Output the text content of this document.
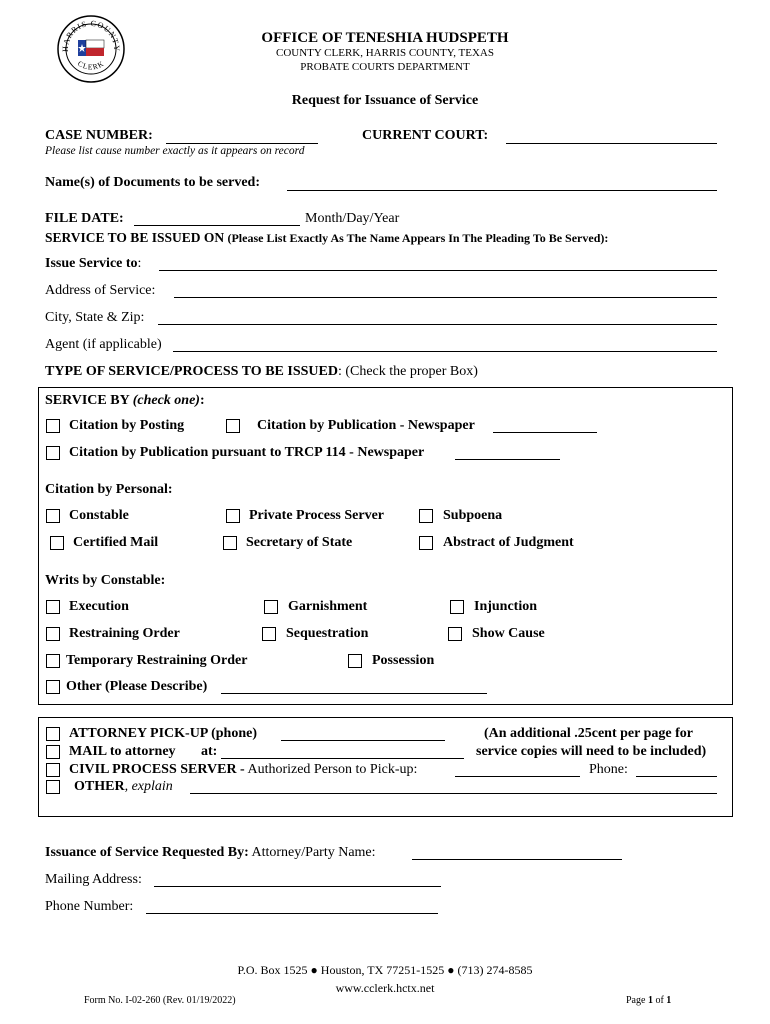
HARRIS COUNTY
CLERK
OFFICE OF TENESHIA HUDSPETH
COUNTY CLERK, HARRIS COUNTY, TEXAS
PROBATE COURTS DEPARTMENT
Request for Issuance of Service
CASE NUMBER:	CURRENT COURT:
Please list cause number exactly as it appears on record
Name(s) of Documents to be served:
FILE DATE:	Month/Day/Year
SERVICE TO BE ISSUED ON (Please List Exactly As The Name Appears In The Pleading To Be Served):
Issue Service to:
Address of Service:
City, State & Zip:
Agent (if applicable)
TYPE OF SERVICE/PROCESS TO BE ISSUED: (Check the proper Box)
SERVICE BY (check one):
Citation by Posting	Citation by Publication - Newspaper
Citation by Publication pursuant to TRCP 114 - Newspaper
Citation by Personal:
Constable	Private Process Server	Subpoena
Certified Mail	Secretary of State	Abstract of Judgment
Writs by Constable:
Execution	Garnishment	Injunction
Restraining Order	Sequestration	Show Cause
Temporary Restraining Order	Possession
Other (Please Describe)
ATTORNEY PICK-UP (phone)
MAIL to attorney at:
(An additional .25cent per page for
service copies will need to be included)
CIVIL PROCESS SERVER - Authorized Person to Pick-up:	Phone:
OTHER, explain
Issuance of Service Requested By: Attorney/Party Name:
Mailing Address:
Phone Number:
P.O. Box 1525 ● Houston, TX 77251-1525 ● (713) 274-8585
www.cclerk.hctx.net
Form No. I-02-260 (Rev. 01/19/2022)	Page 1 of 1
